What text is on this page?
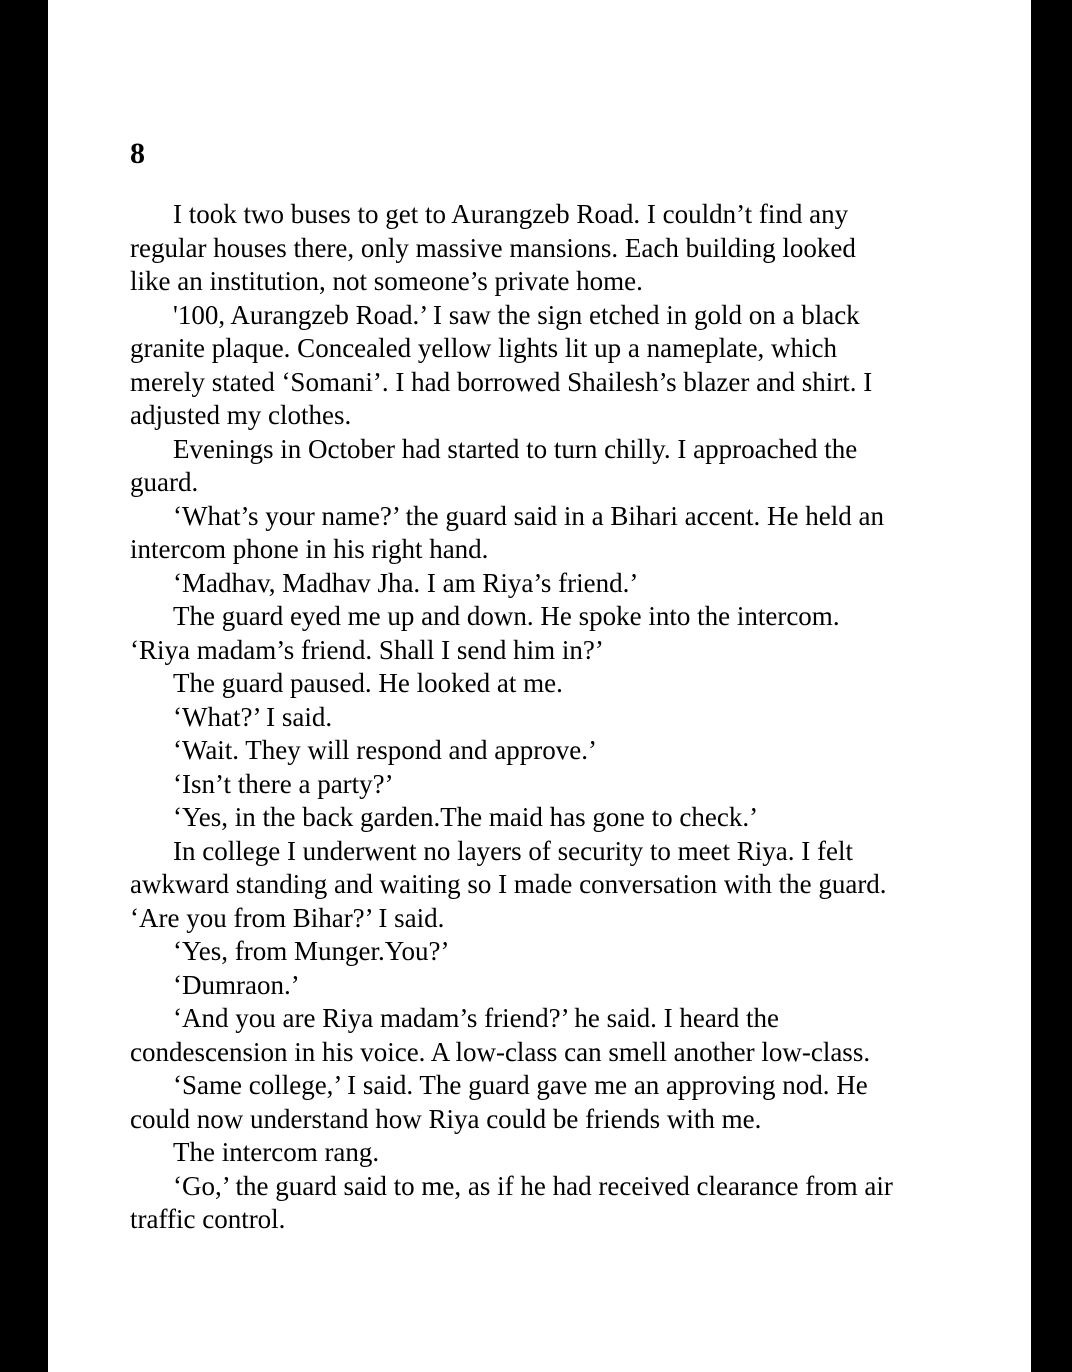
8

I took two buses to get to Aurangzeb Road. I couldn’t find any
regular houses there, only massive mansions. Each building looked
like an institution, not someone’s private home.

'100, Aurangzeb Road.’ I saw the sign etched in gold on a black
granite plaque. Concealed yellow lights lit up a nameplate, which
merely stated ‘Somani’. I had borrowed Shailesh’s blazer and shirt. I
adjusted my clothes.

Evenings in October had started to turn chilly. I approached the
guard.

‘What’s your name?’ the guard said in a Bihari accent. He held an
intercom phone in his right hand.

‘Madhav, Madhav Jha. I am Riya’s friend.’

The guard eyed me up and down. He spoke into the intercom.
‘Riya madam’s friend. Shall I send him in?’

The guard paused. He looked at me.

‘What?’ I said.

‘Wait. They will respond and approve.’

‘Isn’t there a party?’

‘Yes, in the back garden.The maid has gone to check.’

In college I underwent no layers of security to meet Riya. I felt
awkward standing and waiting so I made conversation with the guard.
‘Are you from Bihar?’ I said.

‘Yes, from Munger.You?’

‘Dumraon.’

‘And you are Riya madam’s friend?’ he said. I heard the
condescension in his voice. A low-class can smell another low-class.

‘Same college,’ I said. The guard gave me an approving nod. He
could now understand how Riya could be friends with me.

The intercom rang.

‘Go,’ the guard said to me, as if he had received clearance from air
traffic control.
